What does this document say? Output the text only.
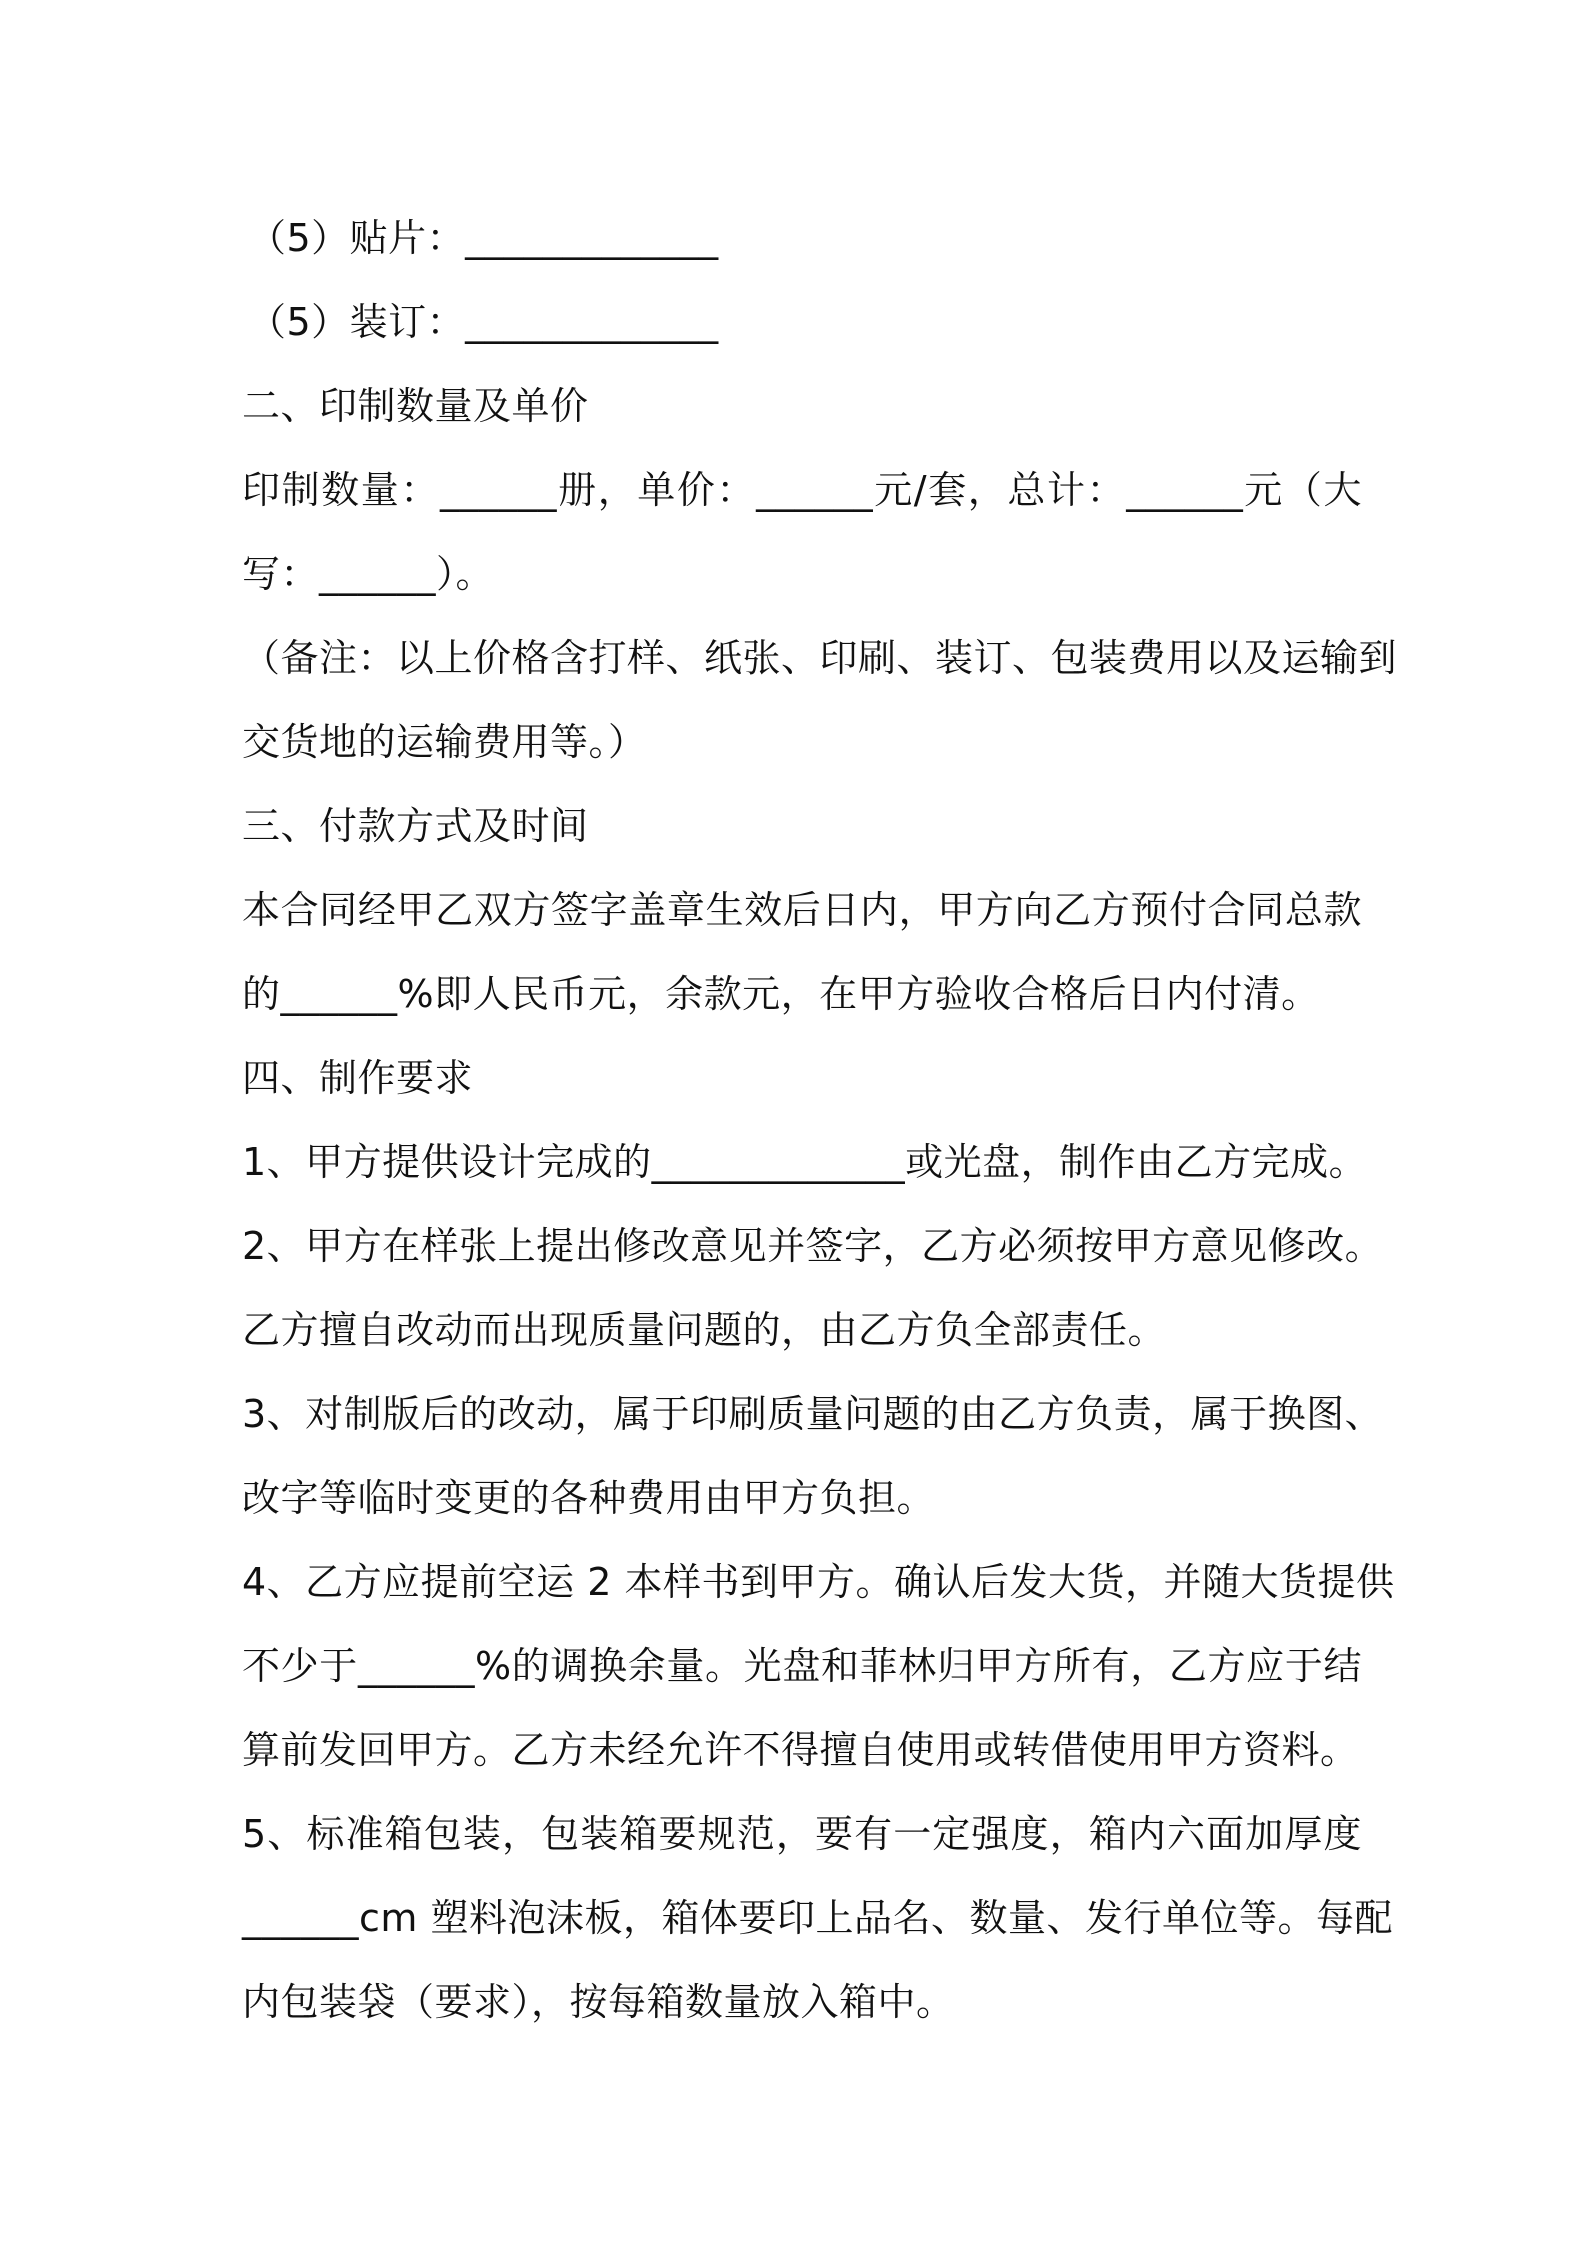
（5）贴片：_____________
（5）装订：_____________
二、印制数量及单价
印制数量：______册，单价：______元/套，总计：______元（大
写：______）。
（备注：以上价格含打样、纸张、印刷、装订、包装费用以及运输到
交货地的运输费用等。）
三、付款方式及时间
本合同经甲乙双方签字盖章生效后日内，甲方向乙方预付合同总款
的______%即人民币元，余款元，在甲方验收合格后日内付清。
四、制作要求
1、甲方提供设计完成的_____________或光盘，制作由乙方完成。
2、甲方在样张上提出修改意见并签字，乙方必须按甲方意见修改。
乙方擅自改动而出现质量问题的，由乙方负全部责任。
3、对制版后的改动，属于印刷质量问题的由乙方负责，属于换图、
改字等临时变更的各种费用由甲方负担。
4、乙方应提前空运 2 本样书到甲方。确认后发大货，并随大货提供
不少于______%的调换余量。光盘和菲林归甲方所有，乙方应于结
算前发回甲方。乙方未经允许不得擅自使用或转借使用甲方资料。
5、标准箱包装，包装箱要规范，要有一定强度，箱内六面加厚度
______cm 塑料泡沫板，箱体要印上品名、数量、发行单位等。每配
内包装袋（要求），按每箱数量放入箱中。
